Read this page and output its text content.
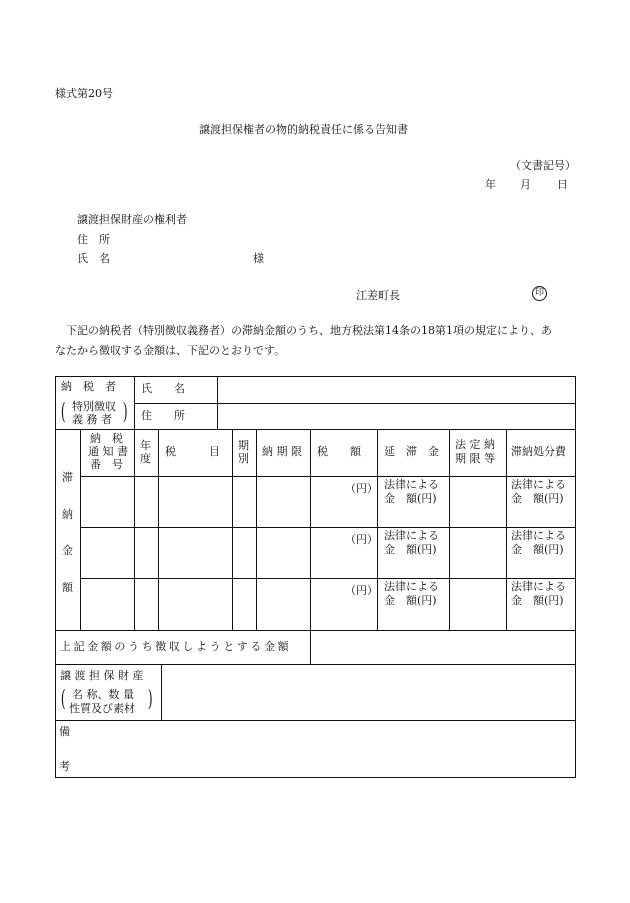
様式第20号
譲渡担保権者の物的納税責任に係る告知書
（文書記号）
年 月 日
譲渡担保財産の権利者
住　所
氏　名	様
江差町長	印
　下記の納税者（特別徴収義務者）の滞納金額のうち、地方税法第14条の18第1項の規定により、あ
なたから徴収する金額は、下記のとおりです。
納　税　者
( 特別徴収
義 務 者 )
氏　　名
住　　所
滞
納
金
額
納　税
通 知 書
番　号
年
度
税　　　目 期
別
納 期 限 税　　額 延　滞　金
法 定 納
期 限 等
滞納処分費
（円） 法律による
金　額(円)
法律による
金　額(円)
（円） 法律による
金　額(円)
法律による
金　額(円)
（円） 法律による
金　額(円)
法律による
金　額(円)
上記金額のうち徴収しようとする金額
譲 渡 担 保 財 産
( 名 称、数 量
性質及び素材 )
備
考
